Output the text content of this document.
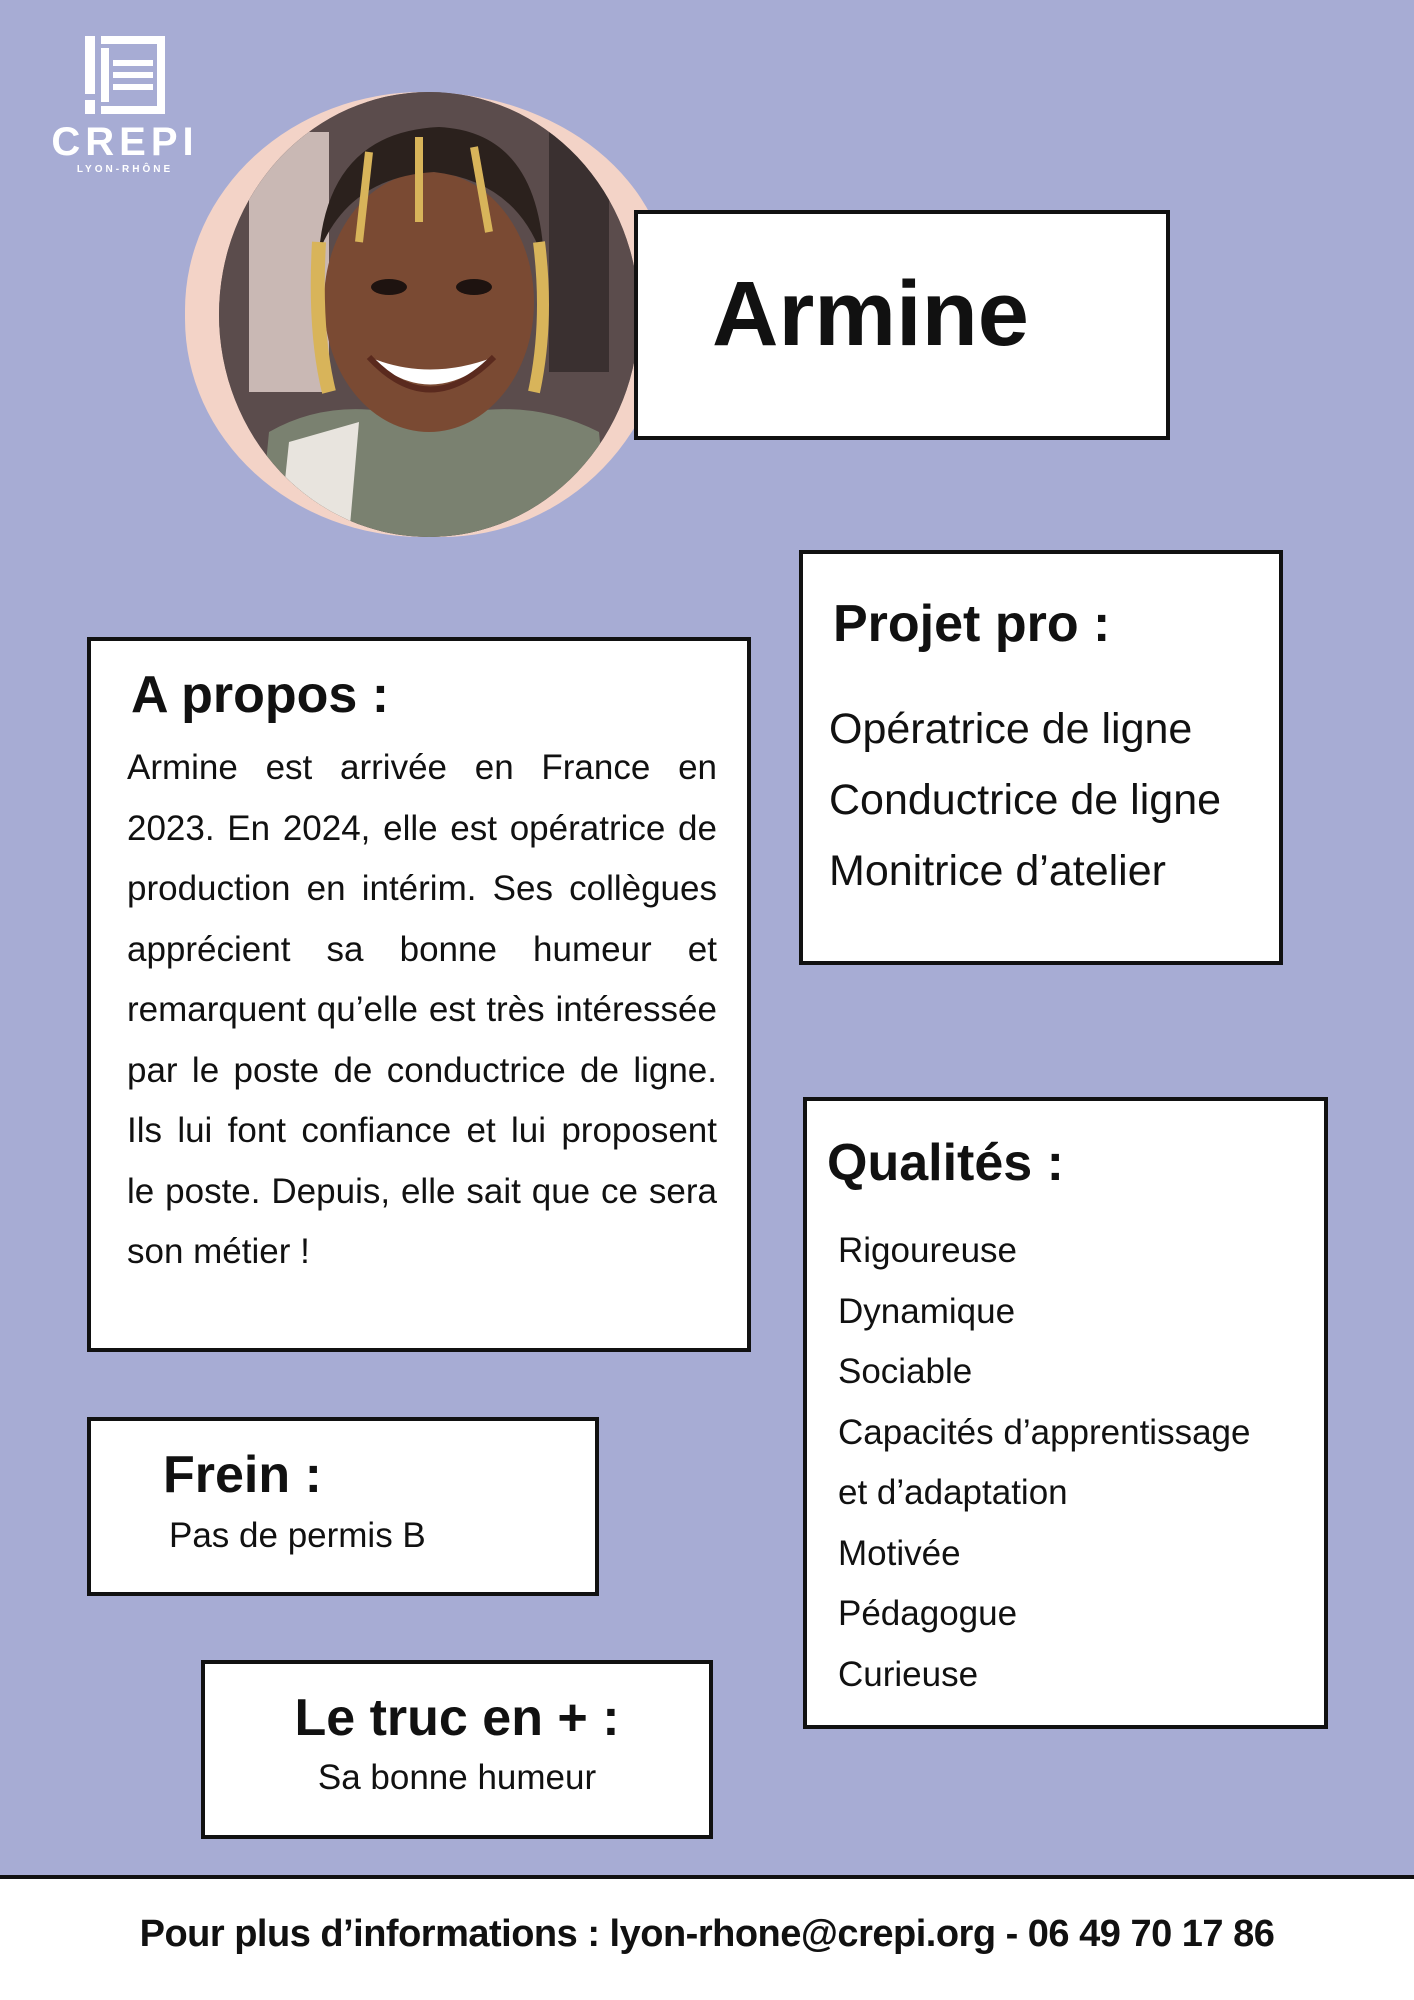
CREPI
LYON-RHÔNE
Armine
A propos :

Armine est arrivée en France en 2023. En 2024, elle est opératrice de production en intérim. Ses collègues apprécient sa bonne humeur et remarquent qu’elle est très intéressée par le poste de conductrice de ligne. Ils lui font confiance et lui proposent le poste. Depuis, elle sait que ce sera son métier !

Projet pro :
Opératrice de ligne
Conductrice de ligne
Monitrice d’atelier
Qualités :
Rigoureuse
Dynamique
Sociable
Capacités d’apprentissage
et d’adaptation
Motivée
Pédagogue
Curieuse
Frein :
Pas de permis B
Le truc en + :
Sa bonne humeur
Pour plus d’informations : lyon-rhone@crepi.org - 06 49 70 17 86
